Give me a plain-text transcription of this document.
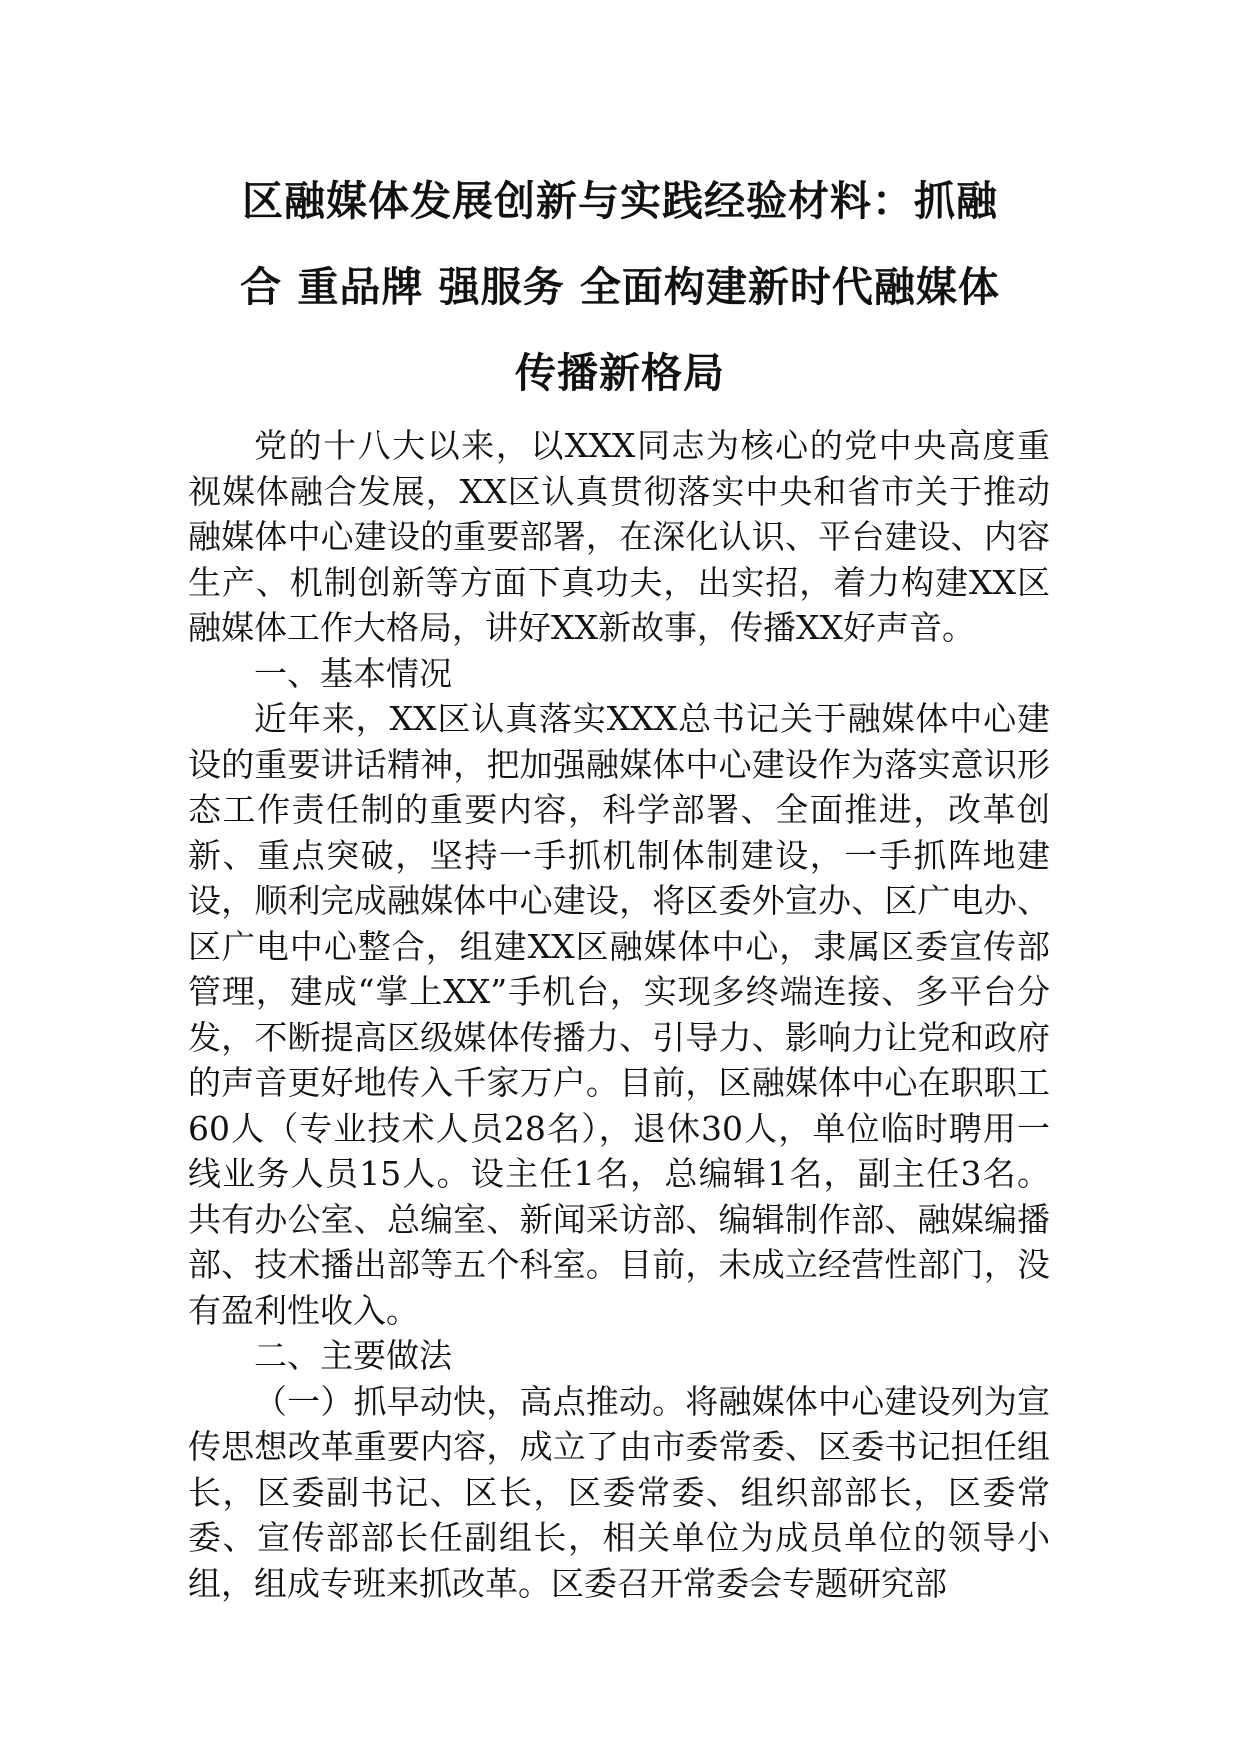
区融媒体发展创新与实践经验材料：抓融
合 重品牌 强服务 全面构建新时代融媒体
传播新格局

党的十八大以来，以XXX同志为核心的党中央高度重视媒体融合发展，XX区认真贯彻落实中央和省市关于推动融媒体中心建设的重要部署，在深化认识、平台建设、内容生产、机制创新等方面下真功夫，出实招，着力构建XX区融媒体工作大格局，讲好XX新故事，传播XX好声音。

一、基本情况

近年来，XX区认真落实XXX总书记关于融媒体中心建设的重要讲话精神，把加强融媒体中心建设作为落实意识形态工作责任制的重要内容，科学部署、全面推进，改革创新、重点突破，坚持一手抓机制体制建设，一手抓阵地建设，顺利完成融媒体中心建设，将区委外宣办、区广电办、区广电中心整合，组建XX区融媒体中心，隶属区委宣传部管理，建成“掌上XX”手机台，实现多终端连接、多平台分发，不断提高区级媒体传播力、引导力、影响力让党和政府的声音更好地传入千家万户。目前，区融媒体中心在职职工60人（专业技术人员28名），退休30人，单位临时聘用一线业务人员15人。设主任1名，总编辑1名，副主任3名。共有办公室、总编室、新闻采访部、编辑制作部、融媒编播部、技术播出部等五个科室。目前，未成立经营性部门，没有盈利性收入。

二、主要做法

（一）抓早动快，高点推动。将融媒体中心建设列为宣传思想改革重要内容，成立了由市委常委、区委书记担任组长，区委副书记、区长，区委常委、组织部部长，区委常委、宣传部部长任副组长，相关单位为成员单位的领导小组，组成专班来抓改革。区委召开常委会专题研究部
